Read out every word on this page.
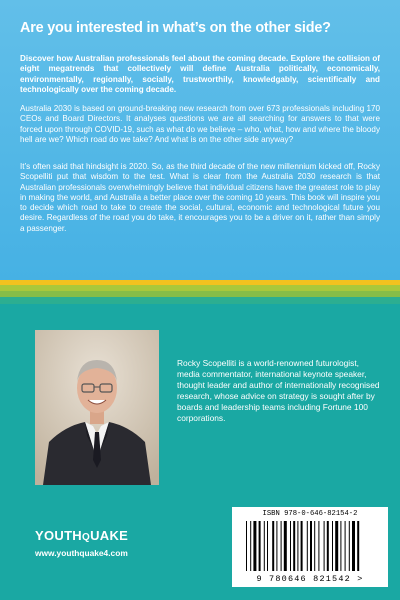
Are you interested in what’s on the other side?

Discover how Australian professionals feel about the coming decade. Explore the collision of eight megatrends that collectively will define Australia politically, economically, environmentally, regionally, socially, trustworthily, knowledgably, scientifically and technologically over the coming decade.

Australia 2030 is based on ground-breaking new research from over 673 professionals including 170 CEOs and Board Directors. It analyses questions we are all searching for answers to that were forced upon through COVID-19, such as what do we believe – who, what, how and where the bloody hell are we? Which road do we take? And what is on the other side anyway?

It’s often said that hindsight is 2020. So, as the third decade of the new millennium kicked off, Rocky Scopelliti put that wisdom to the test. What is clear from the Australia 2030 research is that Australian professionals overwhelmingly believe that individual citizens have the greatest role to play in making the world, and Australia a better place over the coming 10 years. This book will inspire you to decide which road to take to create the social, cultural, economic and technological future you desire. Regardless of the road you do take, it encourages you to be a driver on it, rather than simply a passenger.

Rocky Scopelliti is a world-renowned futurologist, media commentator, international keynote speaker, thought leader and author of internationally recognised research, whose advice on strategy is sought after by boards and leadership teams including Fortune 100 corporations.

YOUTHQUAKE
www.youthquake4.com
ISBN 978-0-646-82154-2
9 780646 821542 >
